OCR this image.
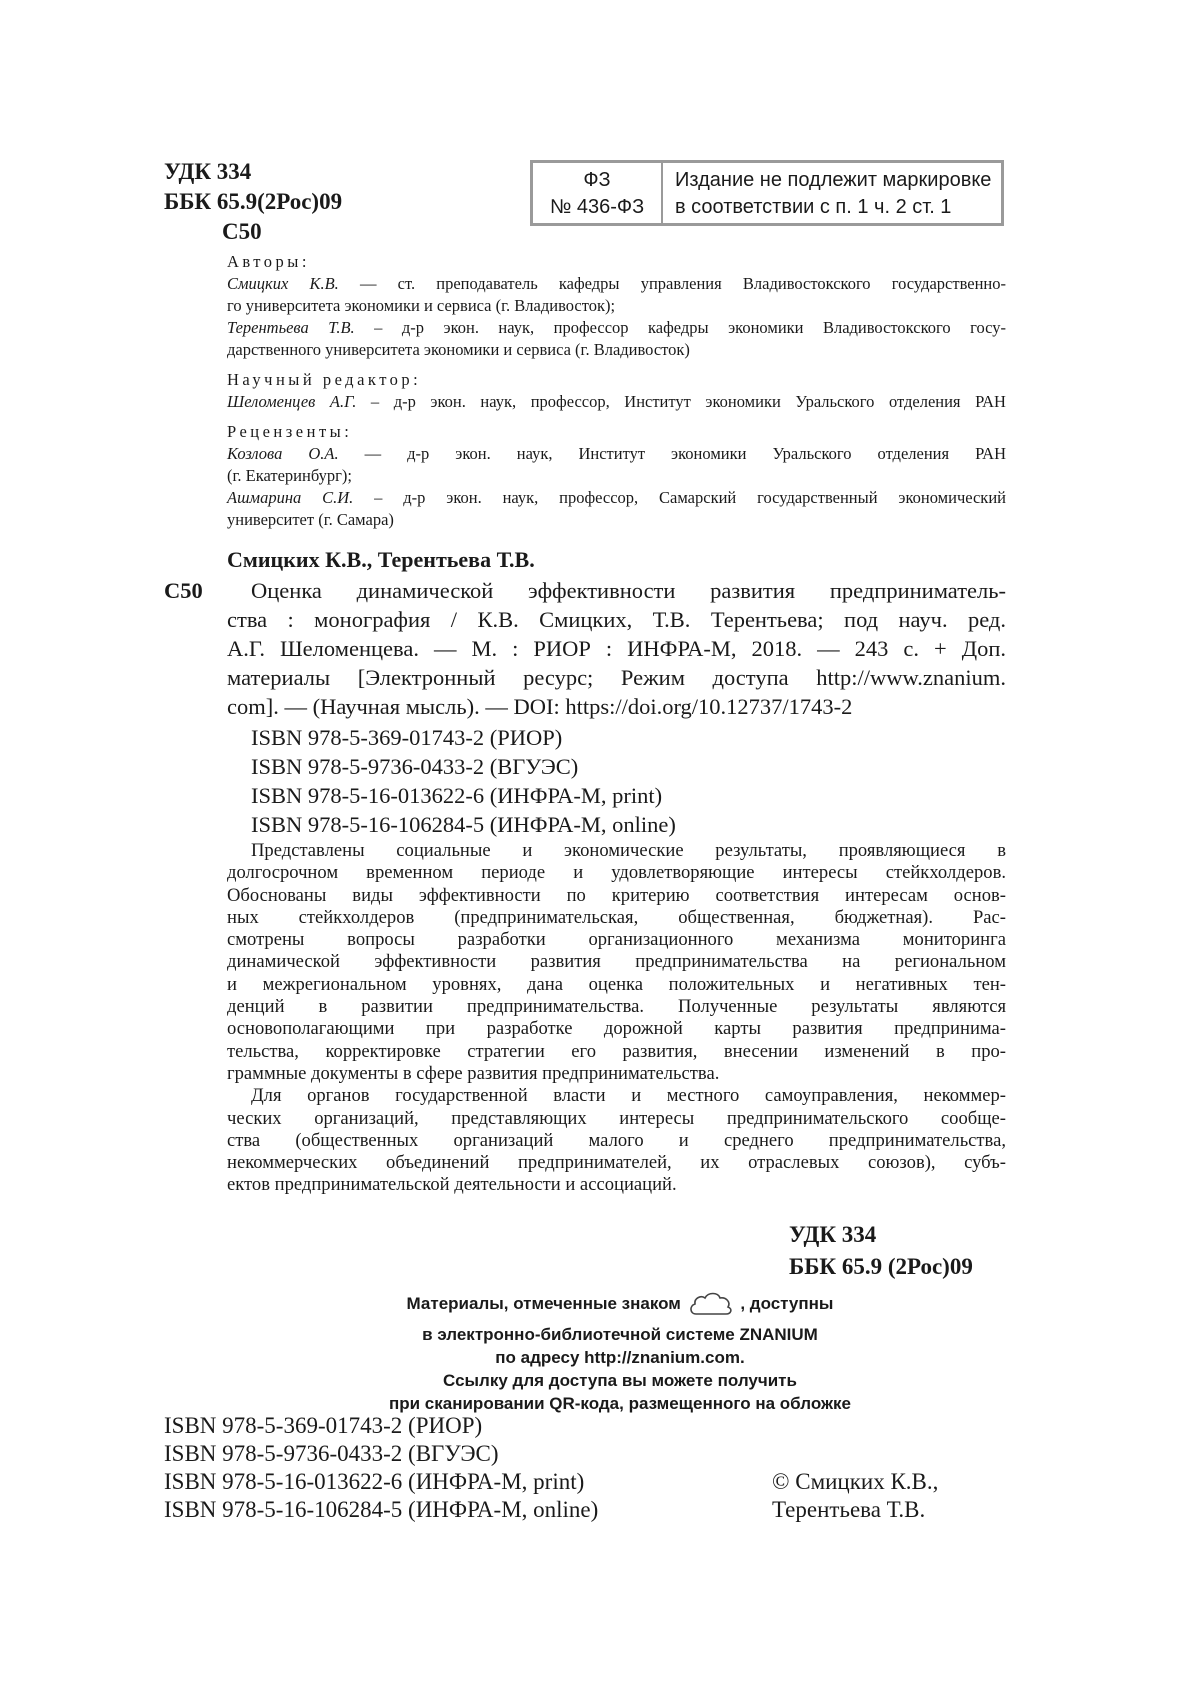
УДК 334
ББК 65.9(2Рос)09
С50
ФЗ
№ 436-ФЗ
Издание не подлежит маркировке
в соответствии с п. 1 ч. 2 ст. 1
Авторы:
Смицких К.В. — ст. преподаватель кафедры управления Владивостокского государственно-
го университета экономики и сервиса (г. Владивосток);
Терентьева Т.В. – д-р экон. наук, профессор кафедры экономики Владивостокского госу-
дарственного университета экономики и сервиса (г. Владивосток)
Научный редактор:
Шеломенцев А.Г. – д-р экон. наук, профессор, Институт экономики Уральского отделения РАН
Рецензенты:
Козлова О.А. — д-р экон. наук, Институт экономики Уральского отделения РАН
(г. Екатеринбург);
Ашмарина С.И. – д-р экон. наук, профессор, Самарский государственный экономический
университет (г. Самара)
Смицких К.В., Терентьева Т.В.
С50	Оценка динамической эффективности развития предприниматель-
ства : монография / К.В. Смицких, Т.В. Терентьева; под науч. ред.
А.Г. Шеломенцева. — М. : РИОР : ИНФРА-М, 2018. — 243 с. + Доп.
материалы [Электронный ресурс; Режим доступа http://www.znanium.
com]. — (Научная мысль). — DOI: https://doi.org/10.12737/1743-2
ISBN 978-5-369-01743-2 (РИОР)
ISBN 978-5-9736-0433-2 (ВГУЭС)
ISBN 978-5-16-013622-6 (ИНФРА-М, print)
ISBN 978-5-16-106284-5 (ИНФРА-М, online)
Представлены социальные и экономические результаты, проявляющиеся в
долгосрочном временном периоде и удовлетворяющие интересы стейкхолдеров.
Обоснованы виды эффективности по критерию соответствия интересам основ-
ных стейкхолдеров (предпринимательская, общественная, бюджетная). Рас-
смотрены вопросы разработки организационного механизма мониторинга
динамической эффективности развития предпринимательства на региональном
и межрегиональном уровнях, дана оценка положительных и негативных тен-
денций в развитии предпринимательства. Полученные результаты являются
основополагающими при разработке дорожной карты развития предпринима-
тельства, корректировке стратегии его развития, внесении изменений в про-
граммные документы в сфере развития предпринимательства.
Для органов государственной власти и местного самоуправления, некоммер-
ческих организаций, представляющих интересы предпринимательского сообще-
ства (общественных организаций малого и среднего предпринимательства,
некоммерческих объединений предпринимателей, их отраслевых союзов), субъ-
ектов предпринимательской деятельности и ассоциаций.
УДК 334
ББК 65.9 (2Рос)09
Материалы, отмеченные знаком	, доступны
в электронно-библиотечной системе ZNANIUM
по адресу http://znanium.com.
Ссылку для доступа вы можете получить
при сканировании QR-кода, размещенного на обложке
ISBN 978-5-369-01743-2 (РИОР)
ISBN 978-5-9736-0433-2 (ВГУЭС)
ISBN 978-5-16-013622-6 (ИНФРА-М, print)
ISBN 978-5-16-106284-5 (ИНФРА-М, online)
© Смицких К.В.,
Терентьева Т.В.
